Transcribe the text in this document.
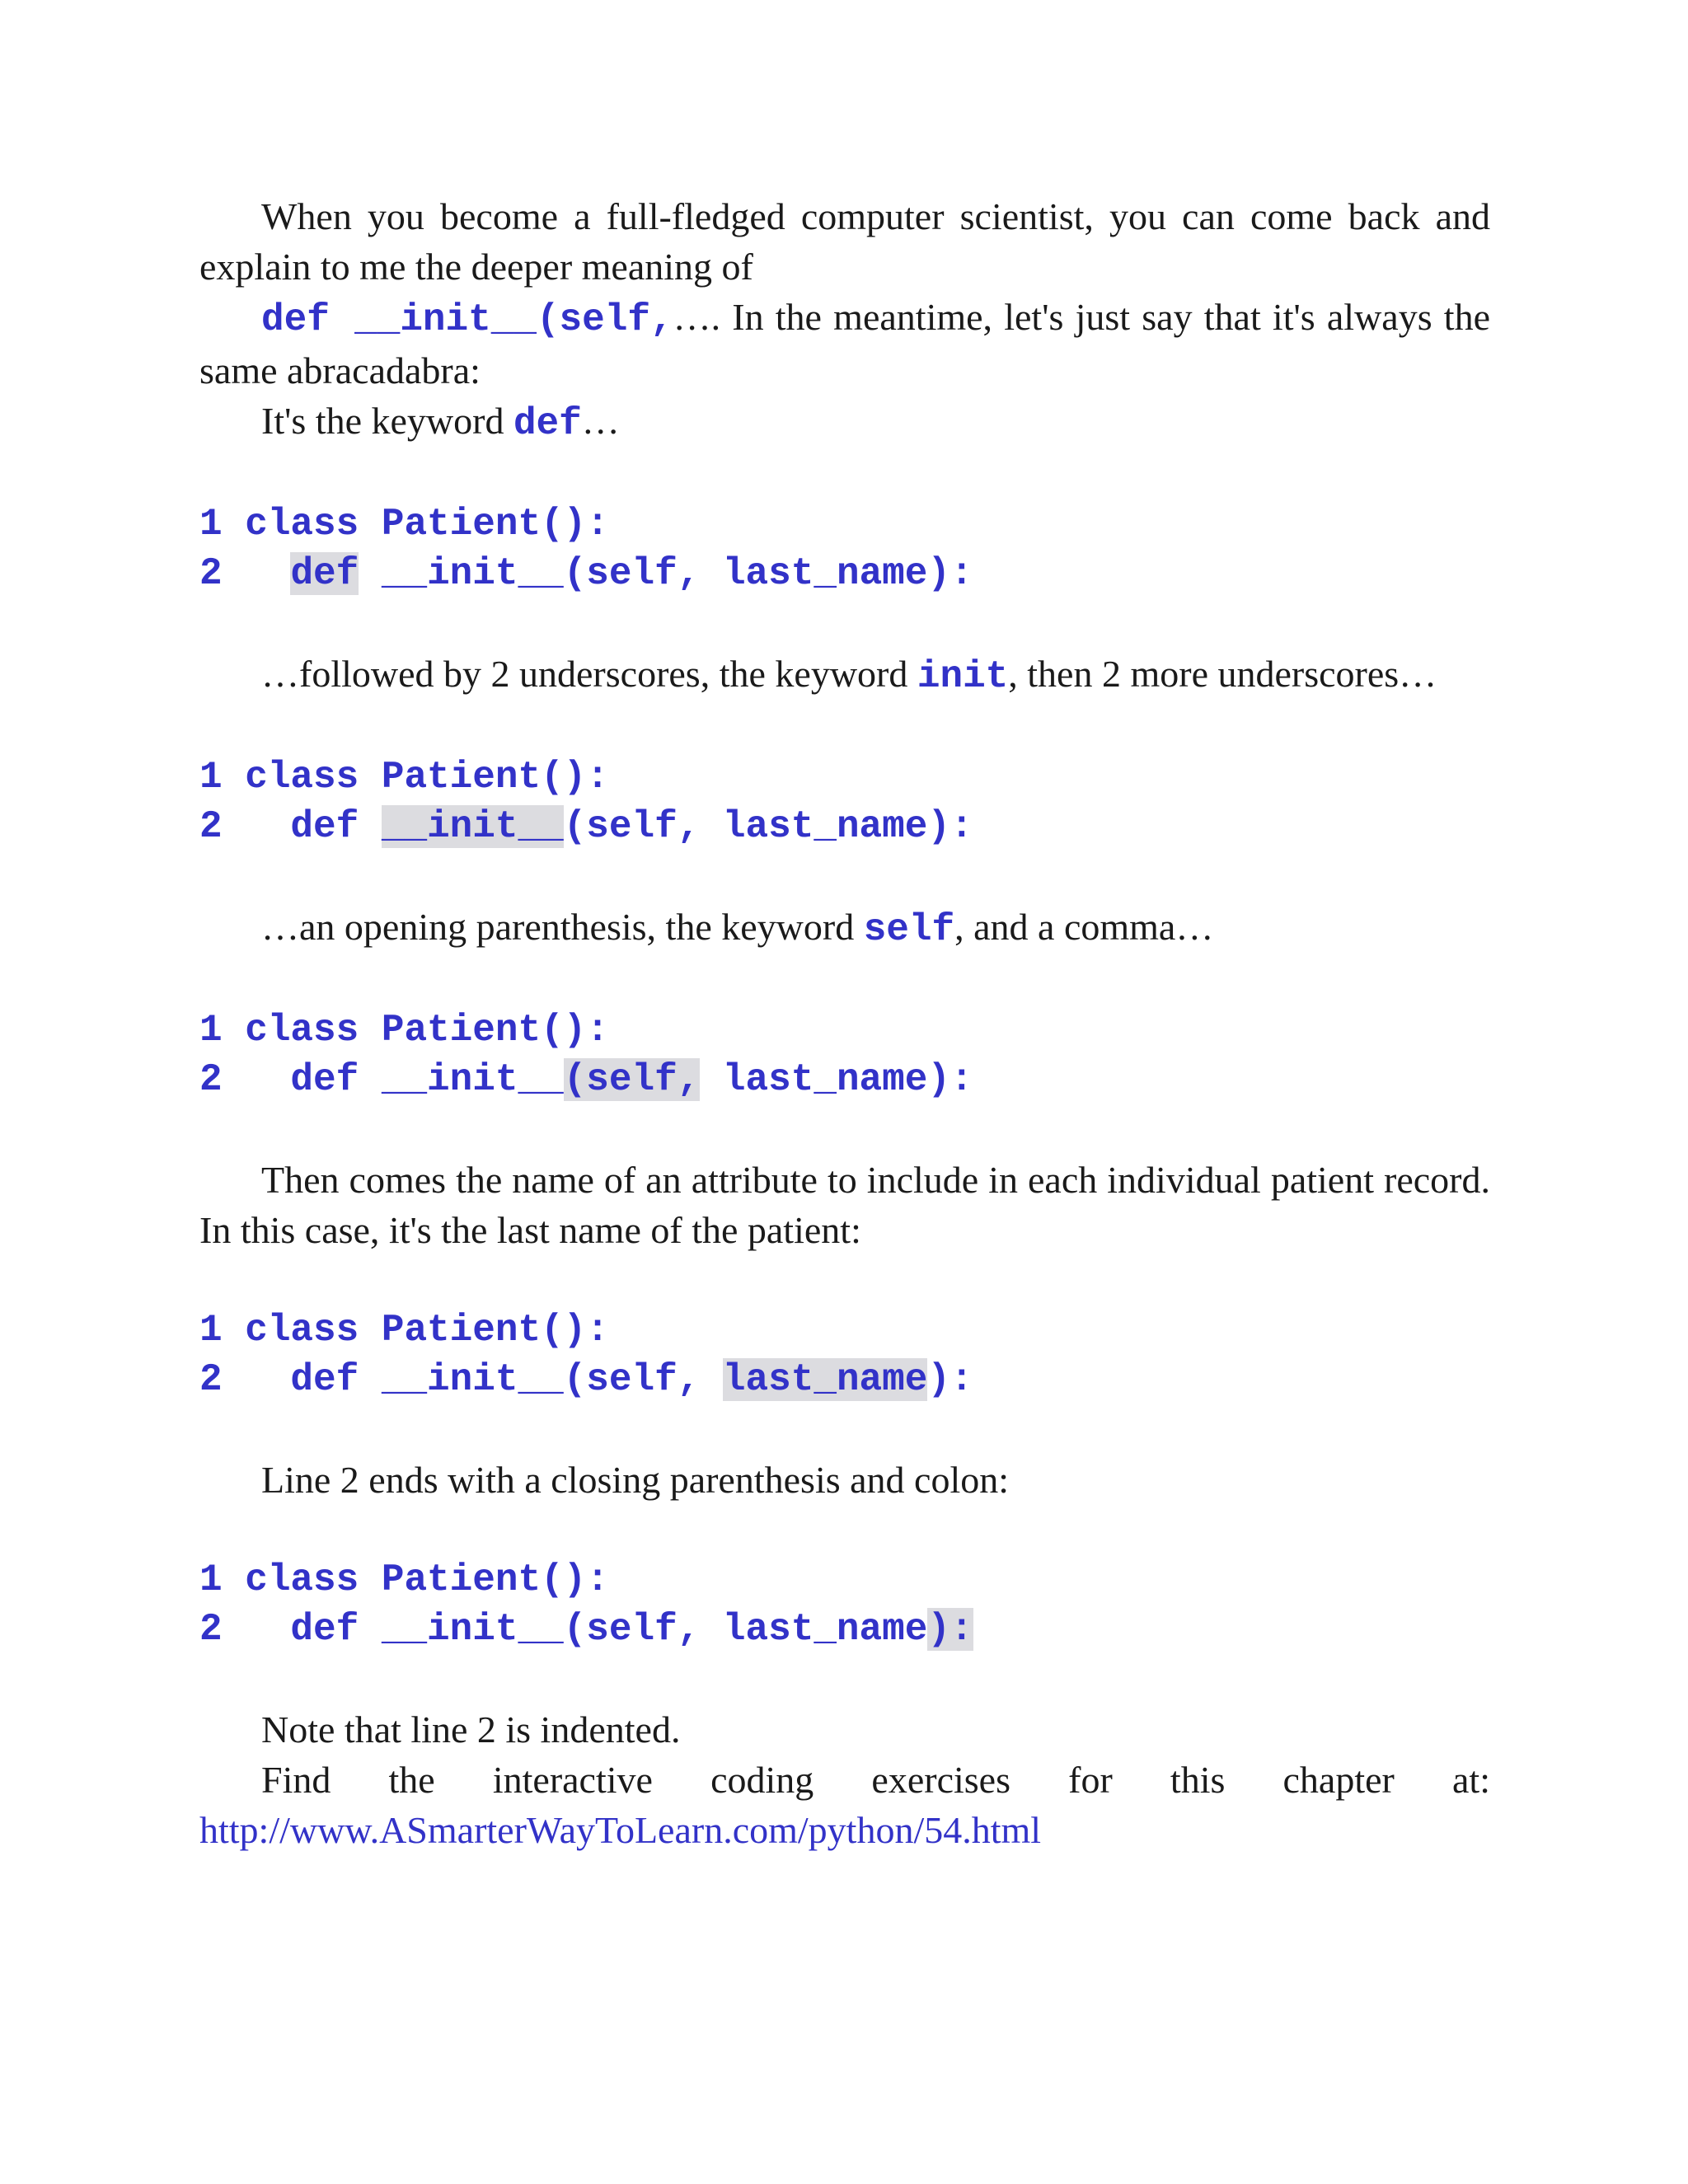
When you become a full-fledged computer scientist, you can come back and explain to me the deeper meaning of

def __init__(self,…. In the meantime, let's just say that it's always the same abracadabra:

It's the keyword def…

1 class Patient():
2 def __init__(self, last_name):

…followed by 2 underscores, the keyword init, then 2 more underscores…

1 class Patient():
2   def __init__(self, last_name):

…an opening parenthesis, the keyword self, and a comma…

1 class Patient():
2   def __init__(self, last_name):

Then comes the name of an attribute to include in each individual patient record. In this case, it's the last name of the patient:

1 class Patient():
2   def __init__(self, last_name):

Line 2 ends with a closing parenthesis and colon:

1 class Patient():
2   def __init__(self, last_name):

Note that line 2 is indented.

Find the interactive coding exercises for this chapter at:

http://www.ASmarterWayToLearn.com/python/54.html
